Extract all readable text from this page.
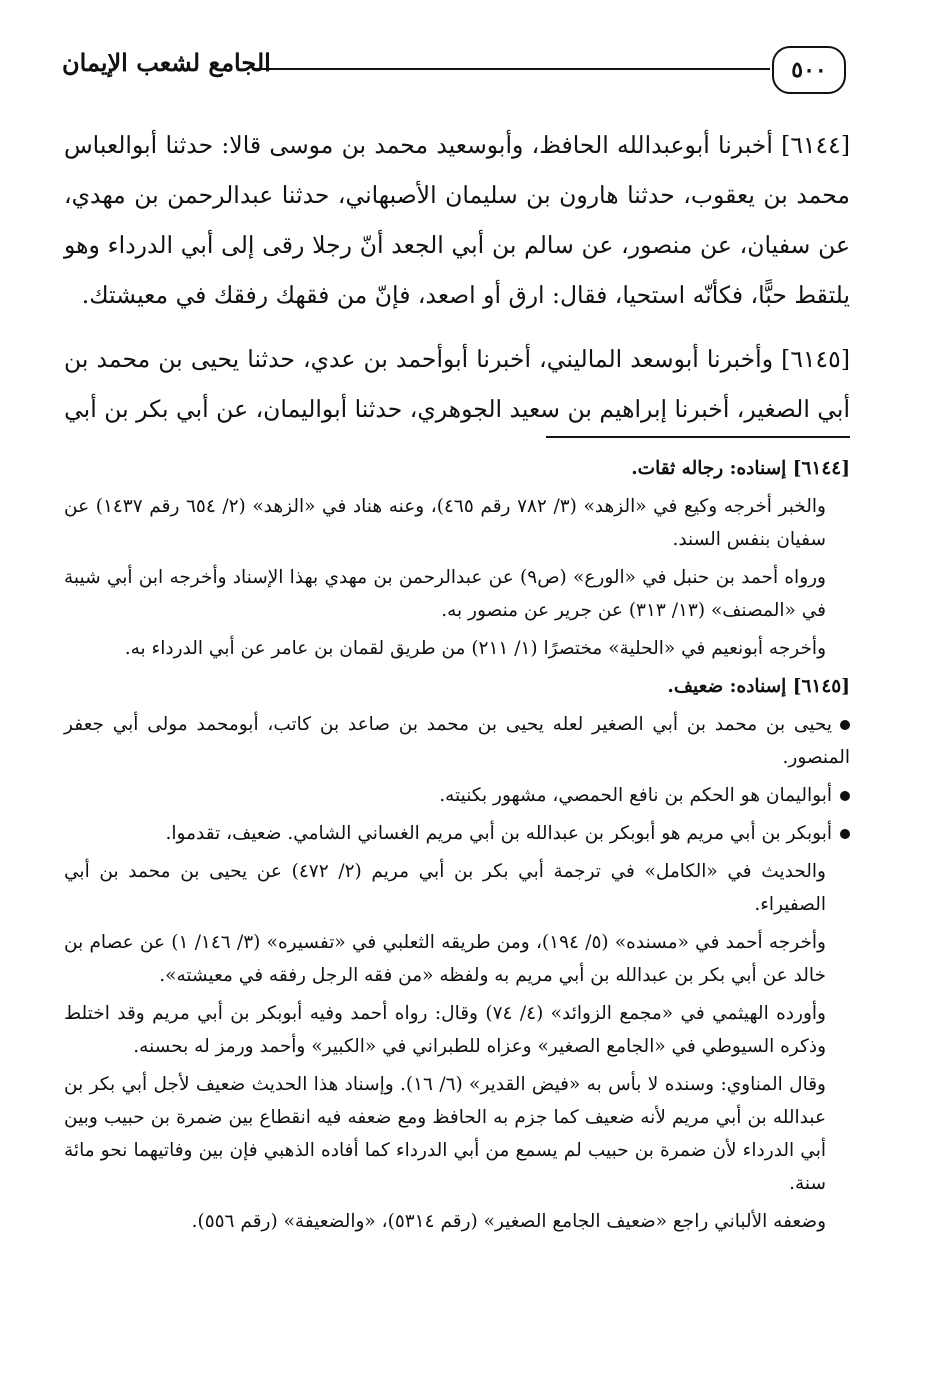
٥٠٠
الجامع لشعب الإيمان

[٦١٤٤] أخبرنا أبوعبدالله الحافظ، وأبوسعيد محمد بن موسى قالا: حدثنا أبوالعباس محمد بن يعقوب، حدثنا هارون بن سليمان الأصبهاني، حدثنا عبدالرحمن بن مهدي، عن سفيان، عن منصور، عن سالم بن أبي الجعد أنّ رجلا رقى إلى أبي الدرداء وهو يلتقط حبًّا، فكأنّه استحيا، فقال: ارق أو اصعد، فإنّ من فقهك رفقك في معيشتك.

[٦١٤٥] وأخبرنا أبوسعد الماليني، أخبرنا أبوأحمد بن عدي، حدثنا يحيى بن محمد بن أبي الصغير، أخبرنا إبراهيم بن سعيد الجوهري، حدثنا أبواليمان، عن أبي بكر بن أبي

[٦١٤٤] إسناده: رجاله ثقات.

والخبر أخرجه وكيع في «الزهد» (٣/ ٧٨٢ رقم ٤٦٥)، وعنه هناد في «الزهد» (٢/ ٦٥٤ رقم ١٤٣٧) عن سفيان بنفس السند.

ورواه أحمد بن حنبل في «الورع» (ص٩) عن عبدالرحمن بن مهدي بهذا الإسناد وأخرجه ابن أبي شيبة في «المصنف» (١٣/ ٣١٣) عن جرير عن منصور به.

وأخرجه أبونعيم في «الحلية» مختصرًا (١/ ٢١١) من طريق لقمان بن عامر عن أبي الدرداء به.

[٦١٤٥] إسناده: ضعيف.

يحيى بن محمد بن أبي الصغير لعله يحيى بن محمد بن صاعد بن كاتب، أبومحمد مولى أبي جعفر المنصور.

أبواليمان هو الحكم بن نافع الحمصي، مشهور بكنيته.

أبوبكر بن أبي مريم هو أبوبكر بن عبدالله بن أبي مريم الغساني الشامي. ضعيف، تقدموا.

والحديث في «الكامل» في ترجمة أبي بكر بن أبي مريم (٢/ ٤٧٢) عن يحيى بن محمد بن أبي الصفيراء.

وأخرجه أحمد في «مسنده» (٥/ ١٩٤)، ومن طريقه الثعلبي في «تفسيره» (٣/ ١٤٦/ ١) عن عصام بن خالد عن أبي بكر بن عبدالله بن أبي مريم به ولفظه «من فقه الرجل رفقه في معيشته».

وأورده الهيثمي في «مجمع الزوائد» (٤/ ٧٤) وقال: رواه أحمد وفيه أبوبكر بن أبي مريم وقد اختلط وذكره السيوطي في «الجامع الصغير» وعزاه للطبراني في «الكبير» وأحمد ورمز له بحسنه.

وقال المناوي: وسنده لا بأس به «فيض القدير» (٦/ ١٦). وإسناد هذا الحديث ضعيف لأجل أبي بكر بن عبدالله بن أبي مريم لأنه ضعيف كما جزم به الحافظ ومع ضعفه فيه انقطاع بين ضمرة بن حبيب وبين أبي الدرداء لأن ضمرة بن حبيب لم يسمع من أبي الدرداء كما أفاده الذهبي فإن بين وفاتيهما نحو مائة سنة.

وضعفه الألباني راجع «ضعيف الجامع الصغير» (رقم ٥٣١٤)، «والضعيفة» (رقم ٥٥٦).
